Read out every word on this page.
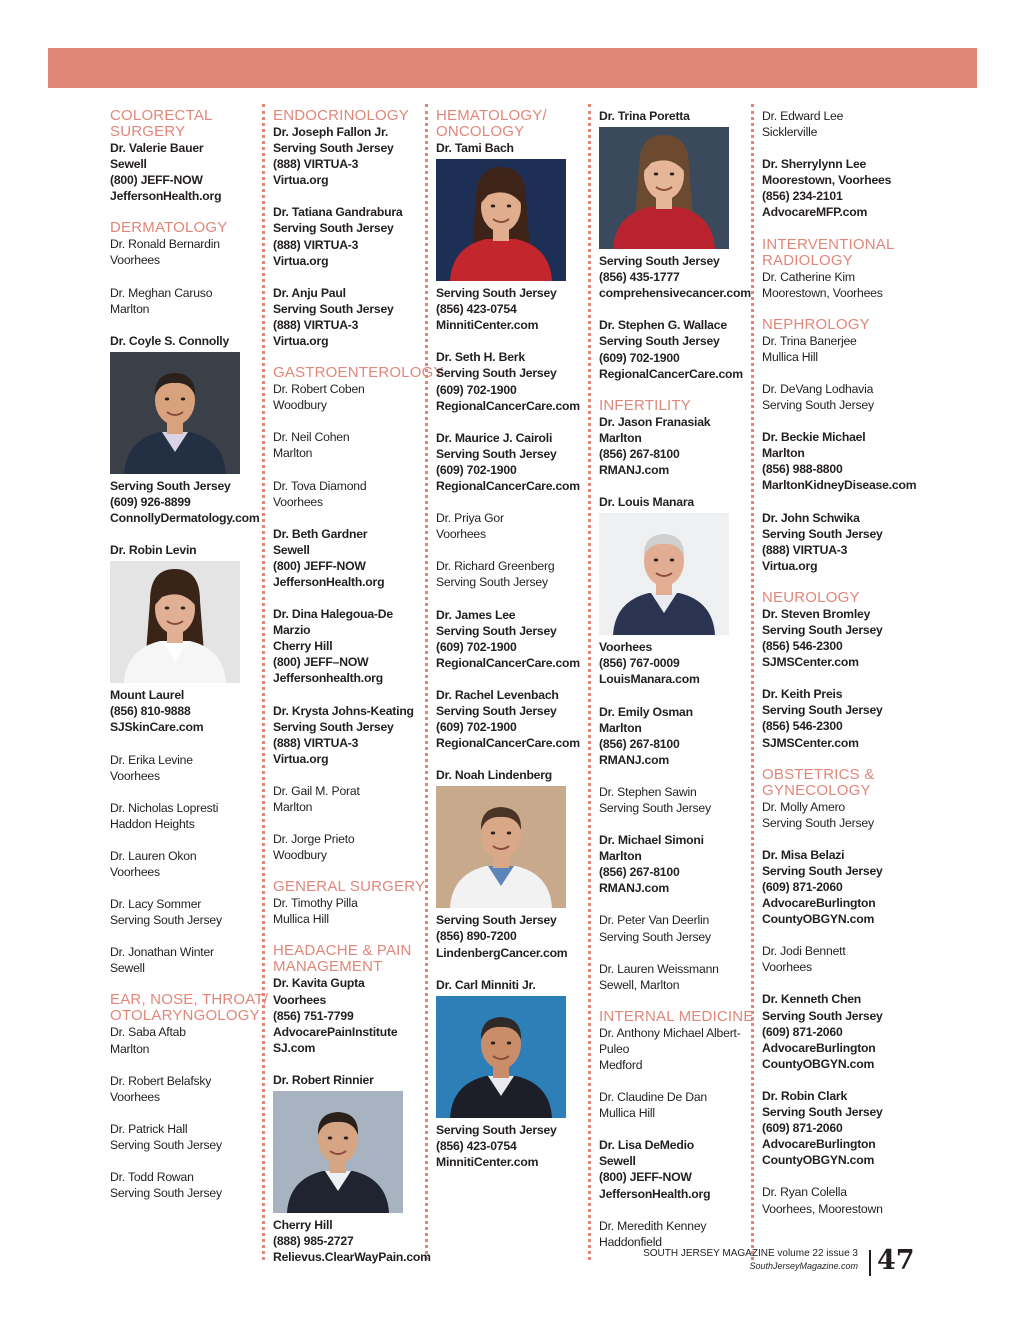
COLORECTAL
SURGERY
Dr. Valerie Bauer
Sewell
(800) JEFF-NOW
JeffersonHealth.org
DERMATOLOGY
Dr. Ronald Bernardin
Voorhees
Dr. Meghan Caruso
Marlton
Dr. Coyle S. Connolly
Serving South Jersey
(609) 926-8899
ConnollyDermatology.com
Dr. Robin Levin
Mount Laurel
(856) 810-9888
SJSkinCare.com
Dr. Erika Levine
Voorhees
Dr. Nicholas Lopresti
Haddon Heights
Dr. Lauren Okon
Voorhees
Dr. Lacy Sommer
Serving South Jersey
Dr. Jonathan Winter
Sewell
EAR, NOSE, THROAT/
OTOLARYNGOLOGY
Dr. Saba Aftab
Marlton
Dr. Robert Belafsky
Voorhees
Dr. Patrick Hall
Serving South Jersey
Dr. Todd Rowan
Serving South Jersey
ENDOCRINOLOGY
Dr. Joseph Fallon Jr.
Serving South Jersey
(888) VIRTUA-3
Virtua.org
Dr. Tatiana Gandrabura
Serving South Jersey
(888) VIRTUA-3
Virtua.org
Dr. Anju Paul
Serving South Jersey
(888) VIRTUA-3
Virtua.org
GASTROENTEROLOGY
Dr. Robert Coben
Woodbury
Dr. Neil Cohen
Marlton
Dr. Tova Diamond
Voorhees
Dr. Beth Gardner
Sewell
(800) JEFF-NOW
JeffersonHealth.org
Dr. Dina Halegoua-De
Marzio
Cherry Hill
(800) JEFF–NOW
Jeffersonhealth.org
Dr. Krysta Johns-Keating
Serving South Jersey
(888) VIRTUA-3
Virtua.org
Dr. Gail M. Porat
Marlton
Dr. Jorge Prieto
Woodbury
GENERAL SURGERY
Dr. Timothy Pilla
Mullica Hill
HEADACHE & PAIN
MANAGEMENT
Dr. Kavita Gupta
Voorhees
(856) 751-7799
AdvocarePainInstitute
SJ.com
Dr. Robert Rinnier
Cherry Hill
(888) 985-2727
Relievus.ClearWayPain.com
HEMATOLOGY/
ONCOLOGY
Dr. Tami Bach
Serving South Jersey
(856) 423-0754
MinnitiCenter.com
Dr. Seth H. Berk
Serving South Jersey
(609) 702-1900
RegionalCancerCare.com
Dr. Maurice J. Cairoli
Serving South Jersey
(609) 702-1900
RegionalCancerCare.com
Dr. Priya Gor
Voorhees
Dr. Richard Greenberg
Serving South Jersey
Dr. James Lee
Serving South Jersey
(609) 702-1900
RegionalCancerCare.com
Dr. Rachel Levenbach
Serving South Jersey
(609) 702-1900
RegionalCancerCare.com
Dr. Noah Lindenberg
Serving South Jersey
(856) 890-7200
LindenbergCancer.com
Dr. Carl Minniti Jr.
Serving South Jersey
(856) 423-0754
MinnitiCenter.com
Dr. Trina Poretta
Serving South Jersey
(856) 435-1777
comprehensivecancer.com
Dr. Stephen G. Wallace
Serving South Jersey
(609) 702-1900
RegionalCancerCare.com
INFERTILITY
Dr. Jason Franasiak
Marlton
(856) 267-8100
RMANJ.com
Dr. Louis Manara
Voorhees
(856) 767-0009
LouisManara.com
Dr. Emily Osman
Marlton
(856) 267-8100
RMANJ.com
Dr. Stephen Sawin
Serving South Jersey
Dr. Michael Simoni
Marlton
(856) 267-8100
RMANJ.com
Dr. Peter Van Deerlin
Serving South Jersey
Dr. Lauren Weissmann
Sewell, Marlton
INTERNAL MEDICINE
Dr. Anthony Michael Albert-
Puleo
Medford
Dr. Claudine De Dan
Mullica Hill
Dr. Lisa DeMedio
Sewell
(800) JEFF-NOW
JeffersonHealth.org
Dr. Meredith Kenney
Haddonfield
Dr. Edward Lee
Sicklerville
Dr. Sherrylynn Lee
Moorestown, Voorhees
(856) 234-2101
AdvocareMFP.com
INTERVENTIONAL
RADIOLOGY
Dr. Catherine Kim
Moorestown, Voorhees
NEPHROLOGY
Dr. Trina Banerjee
Mullica Hill
Dr. DeVang Lodhavia
Serving South Jersey
Dr. Beckie Michael
Marlton
(856) 988-8800
MarltonKidneyDisease.com
Dr. John Schwika
Serving South Jersey
(888) VIRTUA-3
Virtua.org
NEUROLOGY
Dr. Steven Bromley
Serving South Jersey
(856) 546-2300
SJMSCenter.com
Dr. Keith Preis
Serving South Jersey
(856) 546-2300
SJMSCenter.com
OBSTETRICS &
GYNECOLOGY
Dr. Molly Amero
Serving South Jersey
Dr. Misa Belazi
Serving South Jersey
(609) 871-2060
AdvocareBurlington
CountyOBGYN.com
Dr. Jodi Bennett
Voorhees
Dr. Kenneth Chen
Serving South Jersey
(609) 871-2060
AdvocareBurlington
CountyOBGYN.com
Dr. Robin Clark
Serving South Jersey
(609) 871-2060
AdvocareBurlington
CountyOBGYN.com
Dr. Ryan Colella
Voorhees, Moorestown
SOUTH JERSEY MAGAZINE volume 22 issue 3
SouthJerseyMagazine.com 47
